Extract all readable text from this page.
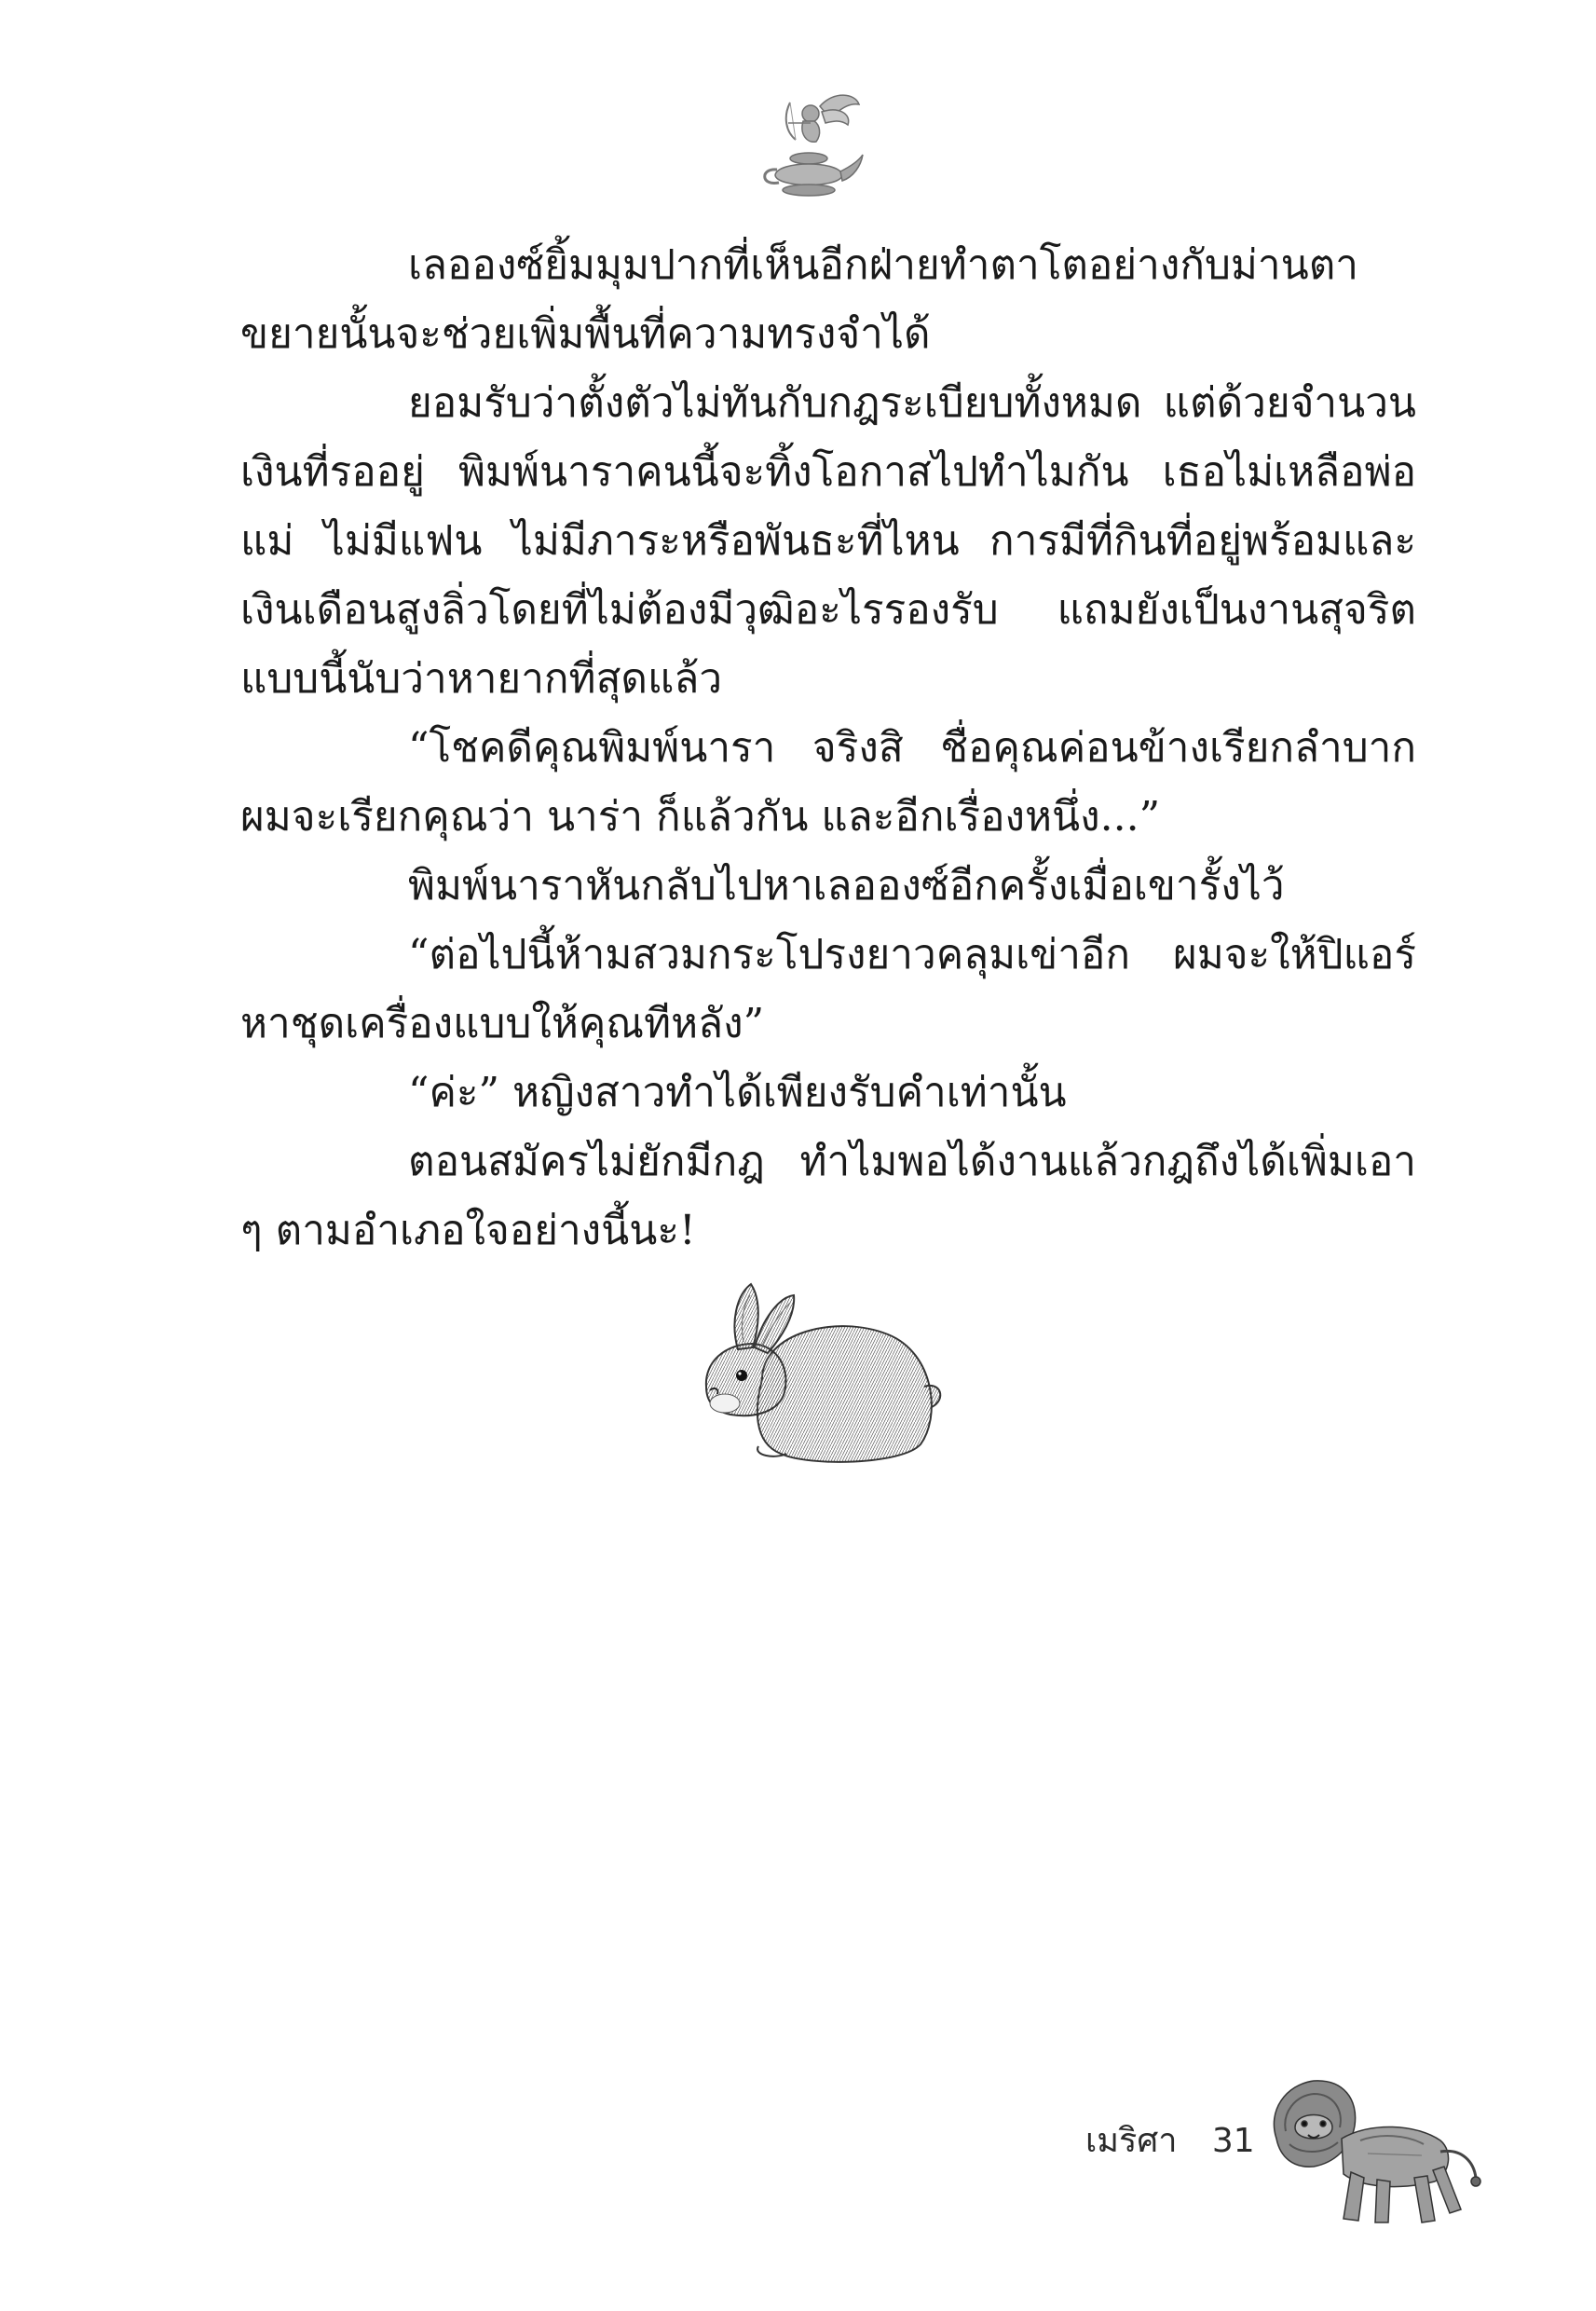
เลอองซ์ยิ้มมุมปากที่เห็นอีกฝ่ายทำตาโตอย่างกับม่านตาขยายนั้นจะช่วยเพิ่มพื้นที่ความทรงจำได้

ยอมรับว่าตั้งตัวไม่ทันกับกฎระเบียบทั้งหมด แต่ด้วยจำนวนเงินที่รออยู่ พิมพ์นาราคนนี้จะทิ้งโอกาสไปทำไมกัน เธอไม่เหลือพ่อแม่ ไม่มีแฟน ไม่มีภาระหรือพันธะที่ไหน การมีที่กินที่อยู่พร้อมและเงินเดือนสูงลิ่วโดยที่ไม่ต้องมีวุฒิอะไรรองรับ แถมยังเป็นงานสุจริตแบบนี้นับว่าหายากที่สุดแล้ว

“โชคดีคุณพิมพ์นารา จริงสิ ชื่อคุณค่อนข้างเรียกลำบาก ผมจะเรียกคุณว่า นาร่า ก็แล้วกัน และอีกเรื่องหนึ่ง...”

พิมพ์นาราหันกลับไปหาเลอองซ์อีกครั้งเมื่อเขารั้งไว้

“ต่อไปนี้ห้ามสวมกระโปรงยาวคลุมเข่าอีก ผมจะให้ปิแอร์หาชุดเครื่องแบบให้คุณทีหลัง”

“ค่ะ” หญิงสาวทำได้เพียงรับคำเท่านั้น

ตอนสมัครไม่ยักมีกฎ ทำไมพอได้งานแล้วกฎถึงได้เพิ่มเอา ๆ ตามอำเภอใจอย่างนี้นะ!

เมริศา 31
